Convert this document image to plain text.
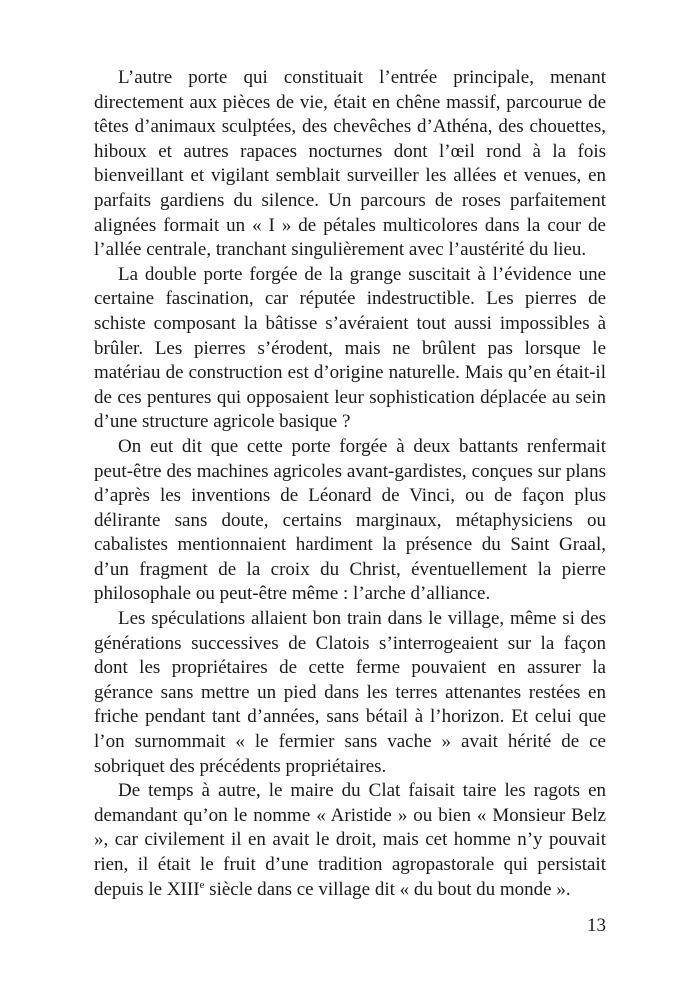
L’autre porte qui constituait l’entrée principale, menant directement aux pièces de vie, était en chêne massif, parcourue de têtes d’animaux sculptées, des chevêches d’Athéna, des chouettes, hiboux et autres rapaces nocturnes dont l’œil rond à la fois bienveillant et vigilant semblait surveiller les allées et venues, en parfaits gardiens du silence. Un parcours de roses parfaitement alignées formait un « I » de pétales multicolores dans la cour de l’allée centrale, tranchant singulièrement avec l’austérité du lieu.

La double porte forgée de la grange suscitait à l’évidence une certaine fascination, car réputée indestructible. Les pierres de schiste composant la bâtisse s’avéraient tout aussi impossibles à brûler. Les pierres s’érodent, mais ne brûlent pas lorsque le matériau de construction est d’origine naturelle. Mais qu’en était-il de ces pentures qui opposaient leur sophistication déplacée au sein d’une structure agricole basique ?

On eut dit que cette porte forgée à deux battants renfermait peut-être des machines agricoles avant-gardistes, conçues sur plans d’après les inventions de Léonard de Vinci, ou de façon plus délirante sans doute, certains marginaux, métaphysiciens ou cabalistes mentionnaient hardiment la présence du Saint Graal, d’un fragment de la croix du Christ, éventuellement la pierre philosophale ou peut-être même : l’arche d’alliance.

Les spéculations allaient bon train dans le village, même si des générations successives de Clatois s’interrogeaient sur la façon dont les propriétaires de cette ferme pouvaient en assurer la gérance sans mettre un pied dans les terres attenantes restées en friche pendant tant d’années, sans bétail à l’horizon. Et celui que l’on surnommait « le fermier sans vache » avait hérité de ce sobriquet des précédents propriétaires.

De temps à autre, le maire du Clat faisait taire les ragots en demandant qu’on le nomme « Aristide » ou bien « Monsieur Belz », car civilement il en avait le droit, mais cet homme n’y pouvait rien, il était le fruit d’une tradition agropastorale qui persistait depuis le XIIIe siècle dans ce village dit « du bout du monde ».

13
